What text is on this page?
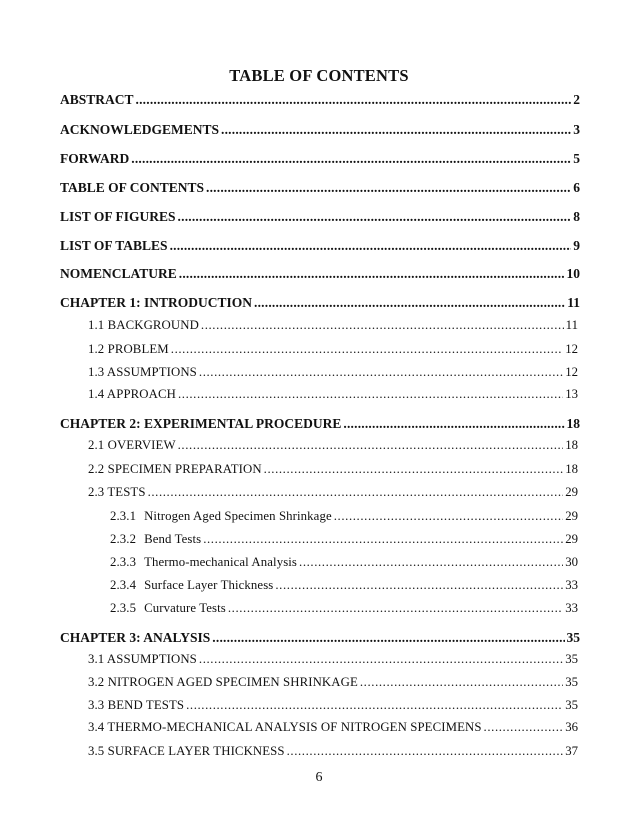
TABLE OF CONTENTS
ABSTRACT .....	2
ACKNOWLEDGEMENTS .....	3
FORWARD .....	5
TABLE OF CONTENTS .....	6
LIST OF FIGURES .....	8
LIST OF TABLES .....	9
NOMENCLATURE .....	10
CHAPTER 1: INTRODUCTION .....	11
1.1 BACKGROUND .....	11
1.2 PROBLEM .....	12
1.3 ASSUMPTIONS .....	12
1.4 APPROACH .....	13
CHAPTER 2: EXPERIMENTAL PROCEDURE .....	18
2.1 OVERVIEW .....	18
2.2 SPECIMEN PREPARATION .....	18
2.3 TESTS .....	29
2.3.1 Nitrogen Aged Specimen Shrinkage .....	29
2.3.2 Bend Tests .....	29
2.3.3 Thermo-mechanical Analysis .....	30
2.3.4 Surface Layer Thickness .....	33
2.3.5 Curvature Tests .....	33
CHAPTER 3: ANALYSIS .....	35
3.1 ASSUMPTIONS .....	35
3.2 NITROGEN AGED SPECIMEN SHRINKAGE .....	35
3.3 BEND TESTS .....	35
3.4 THERMO-MECHANICAL ANALYSIS OF NITROGEN SPECIMENS .....	36
3.5 SURFACE LAYER THICKNESS .....	37
6
